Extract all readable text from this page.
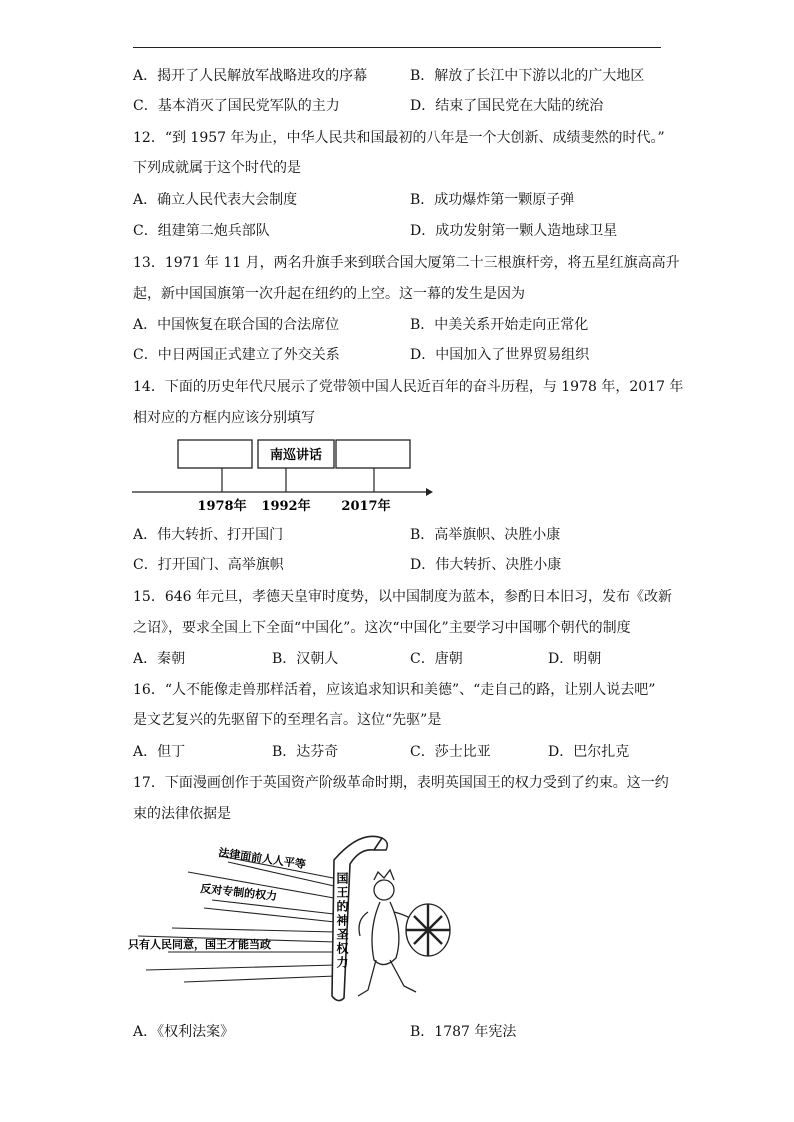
A．揭开了人民解放军战略进攻的序幕	B．解放了长江中下游以北的广大地区
C．基本消灭了国民党军队的主力	D．结束了国民党在大陆的统治
12．“到 1957 年为止，中华人民共和国最初的八年是一个大创新、成绩斐然的时代。”
下列成就属于这个时代的是
A．确立人民代表大会制度	B．成功爆炸第一颗原子弹
C．组建第二炮兵部队	D．成功发射第一颗人造地球卫星
13．1971 年 11 月，两名升旗手来到联合国大厦第二十三根旗杆旁，将五星红旗高高升
起，新中国国旗第一次升起在纽约的上空。这一幕的发生是因为
A．中国恢复在联合国的合法席位	B．中美关系开始走向正常化
C．中日两国正式建立了外交关系	D．中国加入了世界贸易组织
14．下面的历史年代尺展示了党带领中国人民近百年的奋斗历程，与 1978 年，2017 年
相对应的方框内应该分别填写
南巡讲话
1978年 1992年 2017年
A．伟大转折、打开国门	B．高举旗帜、决胜小康
C．打开国门、高举旗帜	D．伟大转折、决胜小康
15．646 年元旦，孝德天皇审时度势，以中国制度为蓝本，参酌日本旧习，发布《改新
之诏》，要求全国上下全面“中国化”。这次“中国化”主要学习中国哪个朝代的制度
A．秦朝	B．汉朝人	C．唐朝	D．明朝
16．“人不能像走兽那样活着，应该追求知识和美德”、“走自己的路，让别人说去吧”
是文艺复兴的先驱留下的至理名言。这位“先驱”是
A．但丁	B．达芬奇	C．莎士比亚	D．巴尔扎克
17．下面漫画创作于英国资产阶级革命时期，表明英国国王的权力受到了约束。这一约
束的法律依据是
法律面前人人平等
反对专制的权力
只有人民同意，国王才能当政	国王的神圣权力
A．《权利法案》	B．1787 年宪法
